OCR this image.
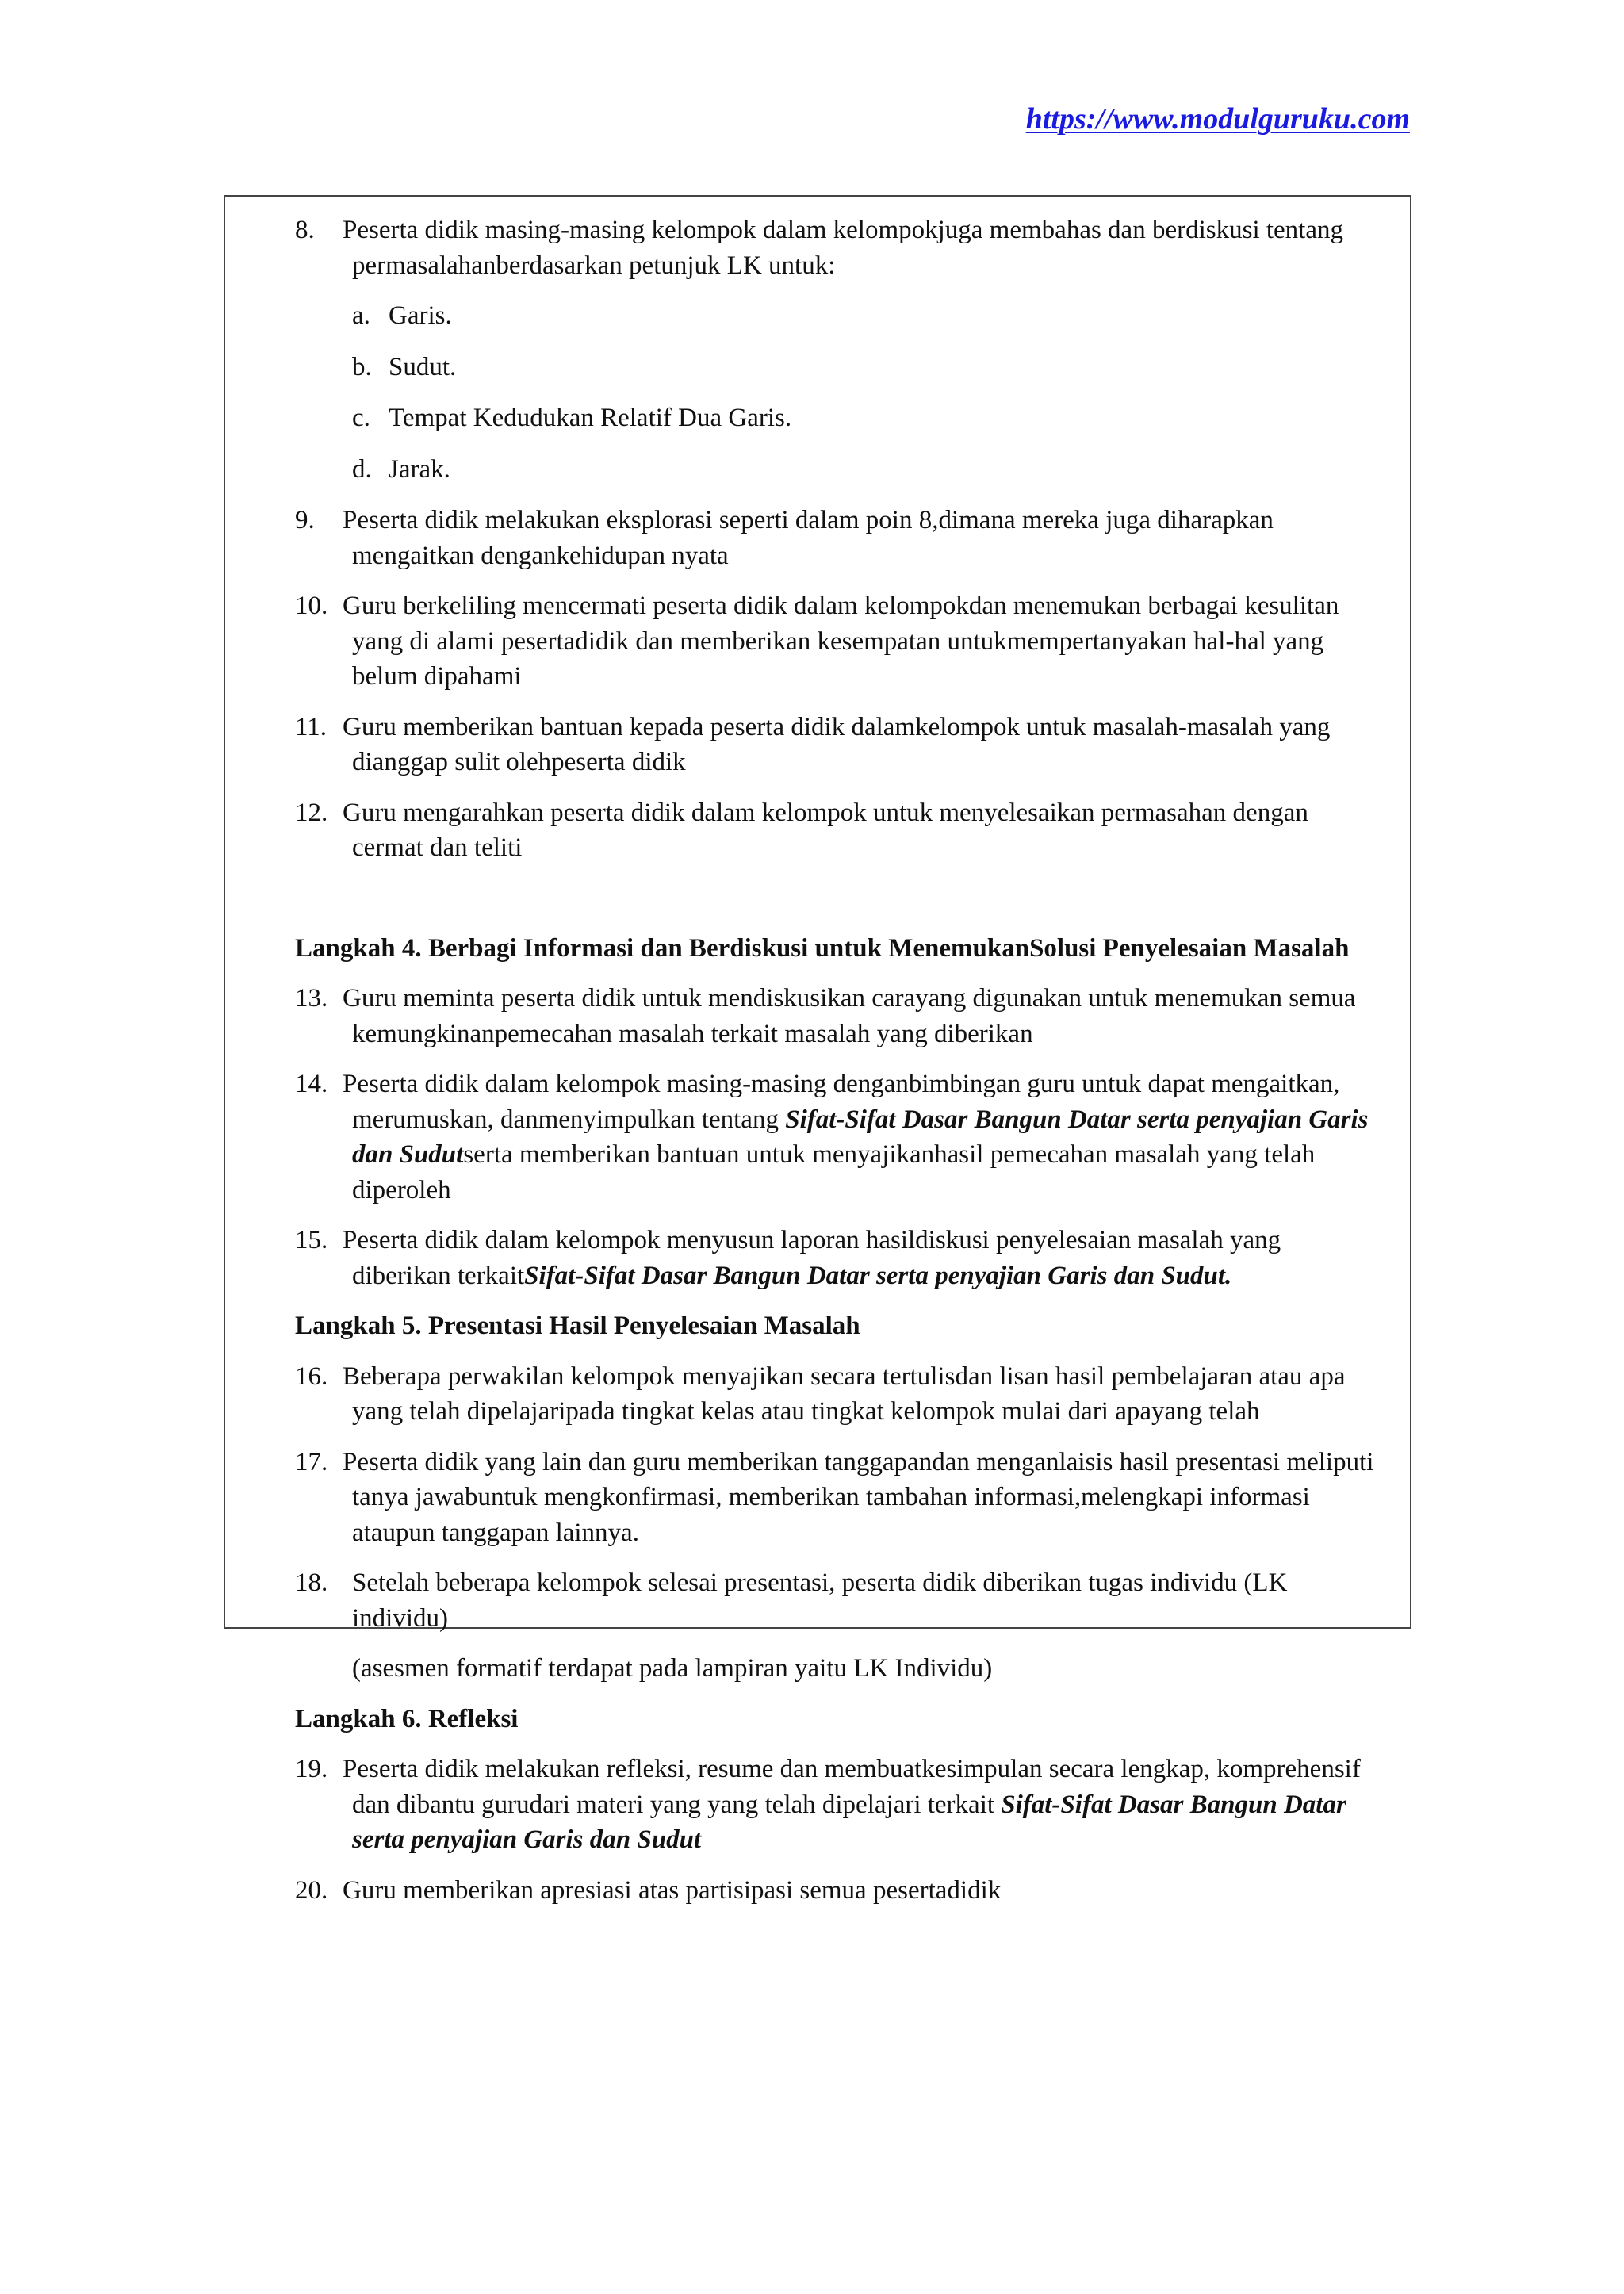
https://www.modulguruku.com
8. Peserta didik masing-masing kelompok dalam kelompokjuga membahas dan berdiskusi tentang permasalahanberdasarkan petunjuk LK untuk:
a. Garis.
b. Sudut.
c. Tempat Kedudukan Relatif Dua Garis.
d. Jarak.
9. Peserta didik melakukan eksplorasi seperti dalam poin 8,dimana mereka juga diharapkan mengaitkan dengankehidupan nyata
10. Guru berkeliling mencermati peserta didik dalam kelompokdan menemukan berbagai kesulitan yang di alami pesertadidik dan memberikan kesempatan untukmempertanyakan hal-hal yang belum dipahami
11. Guru memberikan bantuan kepada peserta didik dalamkelompok untuk masalah-masalah yang dianggap sulit olehpeserta didik
12. Guru mengarahkan peserta didik dalam kelompok untuk menyelesaikan permasahan dengan cermat dan teliti
Langkah 4. Berbagi Informasi dan Berdiskusi untuk MenemukanSolusi Penyelesaian Masalah
13. Guru meminta peserta didik untuk mendiskusikan carayang digunakan untuk menemukan semua kemungkinanpemecahan masalah terkait masalah yang diberikan
14. Peserta didik dalam kelompok masing-masing denganbimbingan guru untuk dapat mengaitkan, merumuskan, danmenyimpulkan tentang Sifat-Sifat Dasar Bangun Datar serta penyajian Garis dan Sudutserta memberikan bantuan untuk menyajikanhasil pemecahan masalah yang telah diperoleh
15. Peserta didik dalam kelompok menyusun laporan hasildiskusi penyelesaian masalah yang diberikan terkaitSifat-Sifat Dasar Bangun Datar serta penyajian Garis dan Sudut.
Langkah 5. Presentasi Hasil Penyelesaian Masalah
16. Beberapa perwakilan kelompok menyajikan secara tertulisdan lisan hasil pembelajaran atau apa yang telah dipelajaripada tingkat kelas atau tingkat kelompok mulai dari apayang telah
17. Peserta didik yang lain dan guru memberikan tanggapandan menganlaisis hasil presentasi meliputi tanya jawabuntuk mengkonfirmasi, memberikan tambahan informasi,melengkapi informasi ataupun tanggapan lainnya.
18. Setelah beberapa kelompok selesai presentasi, peserta didik diberikan tugas individu (LK individu)
(asesmen formatif terdapat pada lampiran yaitu LK Individu)
Langkah 6. Refleksi
19. Peserta didik melakukan refleksi, resume dan membuatkesimpulan secara lengkap, komprehensif dan dibantu gurudari materi yang yang telah dipelajari terkait Sifat-Sifat Dasar Bangun Datar serta penyajian Garis dan Sudut
20. Guru memberikan apresiasi atas partisipasi semua pesertadidik
